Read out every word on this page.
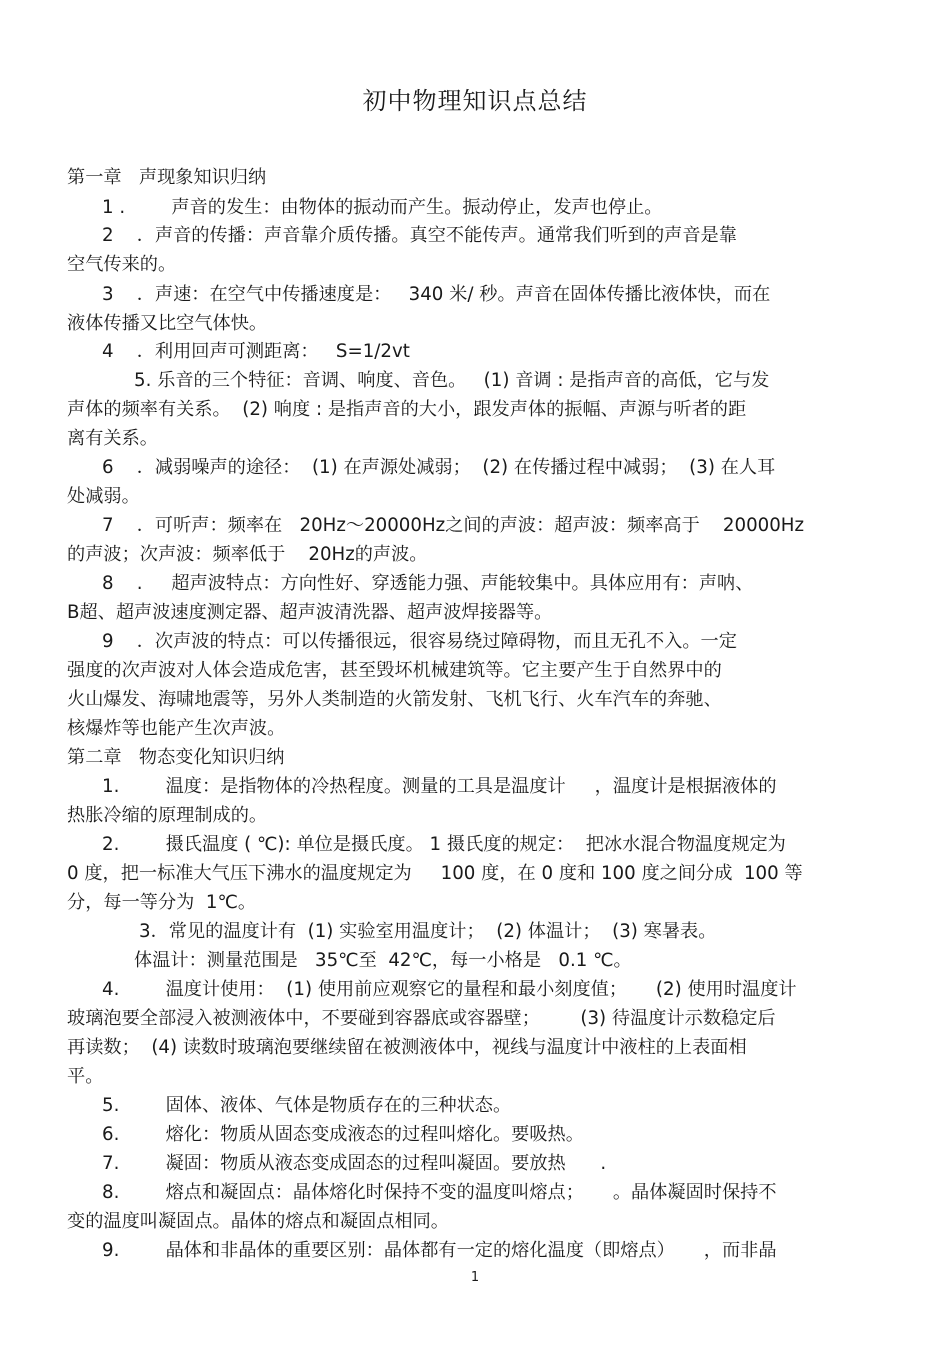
初中物理知识点总结
第一章   声现象知识归纳
1 .        声音的发生：由物体的振动而产生。振动停止，发声也停止。
2    ．声音的传播：声音靠介质传播。真空不能传声。通常我们听到的声音是靠
空气传来的。
3    ．声速：在空气中传播速度是：   340 米/ 秒。声音在固体传播比液体快，而在
液体传播又比空气体快。
4    ．利用回声可测距离：   S=1/2vt
5. 乐音的三个特征：音调、响度、音色。   (1) 音调 : 是指声音的高低，它与发
声体的频率有关系。  (2) 响度 : 是指声音的大小，跟发声体的振幅、声源与听者的距
离有关系。
6    ．减弱噪声的途径：  (1) 在声源处减弱；  (2) 在传播过程中减弱；  (3) 在人耳
处减弱。
7    ．可听声：频率在   20Hz～20000Hz之间的声波：超声波：频率高于    20000Hz
的声波；次声波：频率低于    20Hz的声波。
8    .     超声波特点：方向性好、穿透能力强、声能较集中。具体应用有：声呐、
B超、超声波速度测定器、超声波清洗器、超声波焊接器等。
9    ．次声波的特点：可以传播很远，很容易绕过障碍物，而且无孔不入。一定
强度的次声波对人体会造成危害，甚至毁坏机械建筑等。它主要产生于自然界中的
火山爆发、海啸地震等，另外人类制造的火箭发射、飞机飞行、火车汽车的奔驰、
核爆炸等也能产生次声波。
第二章   物态变化知识归纳
1.        温度：是指物体的冷热程度。测量的工具是温度计     ，温度计是根据液体的
热胀冷缩的原理制成的。
2.        摄氏温度 ( ℃): 单位是摄氏度。 1 摄氏度的规定：  把冰水混合物温度规定为
0 度，把一标准大气压下沸水的温度规定为     100 度，在 0 度和 100 度之间分成  100 等
分，每一等分为  1℃。
3．常见的温度计有  (1) 实验室用温度计；  (2) 体温计；  (3) 寒暑表。
体温计：测量范围是   35℃至  42℃，每一小格是   0.1 ℃。
4.        温度计使用：  (1) 使用前应观察它的量程和最小刻度值；     (2) 使用时温度计
玻璃泡要全部浸入被测液体中，不要碰到容器底或容器壁；       (3) 待温度计示数稳定后
再读数；  (4) 读数时玻璃泡要继续留在被测液体中，视线与温度计中液柱的上表面相
平。
5.        固体、液体、气体是物质存在的三种状态。
6.        熔化：物质从固态变成液态的过程叫熔化。要吸热。
7.        凝固：物质从液态变成固态的过程叫凝固。要放热      .
8.        熔点和凝固点：晶体熔化时保持不变的温度叫熔点；     。晶体凝固时保持不
变的温度叫凝固点。晶体的熔点和凝固点相同。
9.        晶体和非晶体的重要区别：晶体都有一定的熔化温度（即熔点）     ，而非晶
1
